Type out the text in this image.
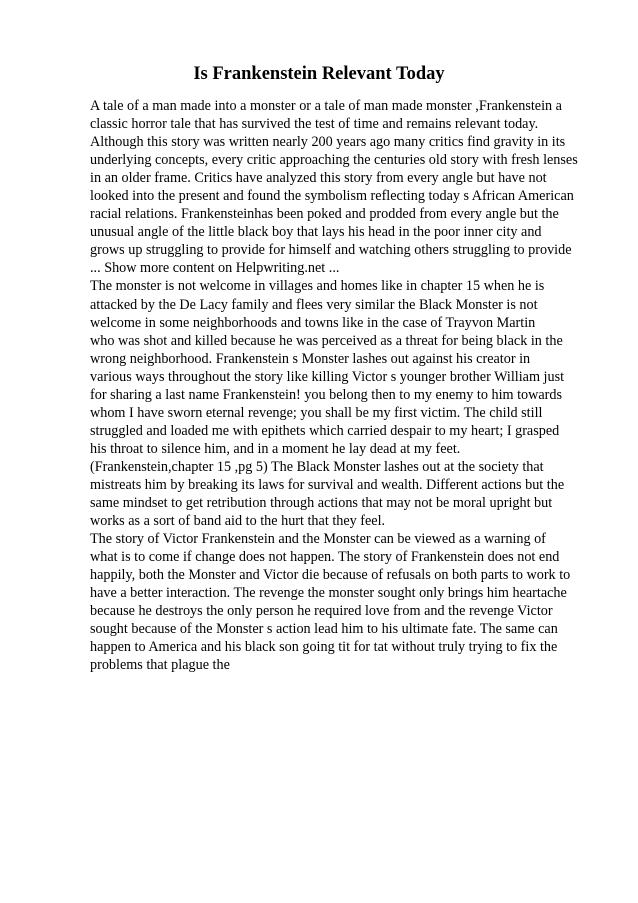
Is Frankenstein Relevant Today
A tale of a man made into a monster or a tale of man made monster ,Frankenstein a
classic horror tale that has survived the test of time and remains relevant today.
Although this story was written nearly 200 years ago many critics find gravity in its
underlying concepts, every critic approaching the centuries old story with fresh lenses
in an older frame. Critics have analyzed this story from every angle but have not
looked into the present and found the symbolism reflecting today s African American
racial relations. Frankensteinhas been poked and prodded from every angle but the
unusual angle of the little black boy that lays his head in the poor inner city and
grows up struggling to provide for himself and watching others struggling to provide
... Show more content on Helpwriting.net ...
The monster is not welcome in villages and homes like in chapter 15 when he is
attacked by the De Lacy family and flees very similar the Black Monster is not
welcome in some neighborhoods and towns like in the case of Trayvon Martin
who was shot and killed because he was perceived as a threat for being black in the
wrong neighborhood. Frankenstein s Monster lashes out against his creator in
various ways throughout the story like killing Victor s younger brother William just
for sharing a last name Frankenstein! you belong then to my enemy to him towards
whom I have sworn eternal revenge; you shall be my first victim. The child still
struggled and loaded me with epithets which carried despair to my heart; I grasped
his throat to silence him, and in a moment he lay dead at my feet.
(Frankenstein,chapter 15 ,pg 5) The Black Monster lashes out at the society that
mistreats him by breaking its laws for survival and wealth. Different actions but the
same mindset to get retribution through actions that may not be moral upright but
works as a sort of band aid to the hurt that they feel.
The story of Victor Frankenstein and the Monster can be viewed as a warning of
what is to come if change does not happen. The story of Frankenstein does not end
happily, both the Monster and Victor die because of refusals on both parts to work to
have a better interaction. The revenge the monster sought only brings him heartache
because he destroys the only person he required love from and the revenge Victor
sought because of the Monster s action lead him to his ultimate fate. The same can
happen to America and his black son going tit for tat without truly trying to fix the
problems that plague the
